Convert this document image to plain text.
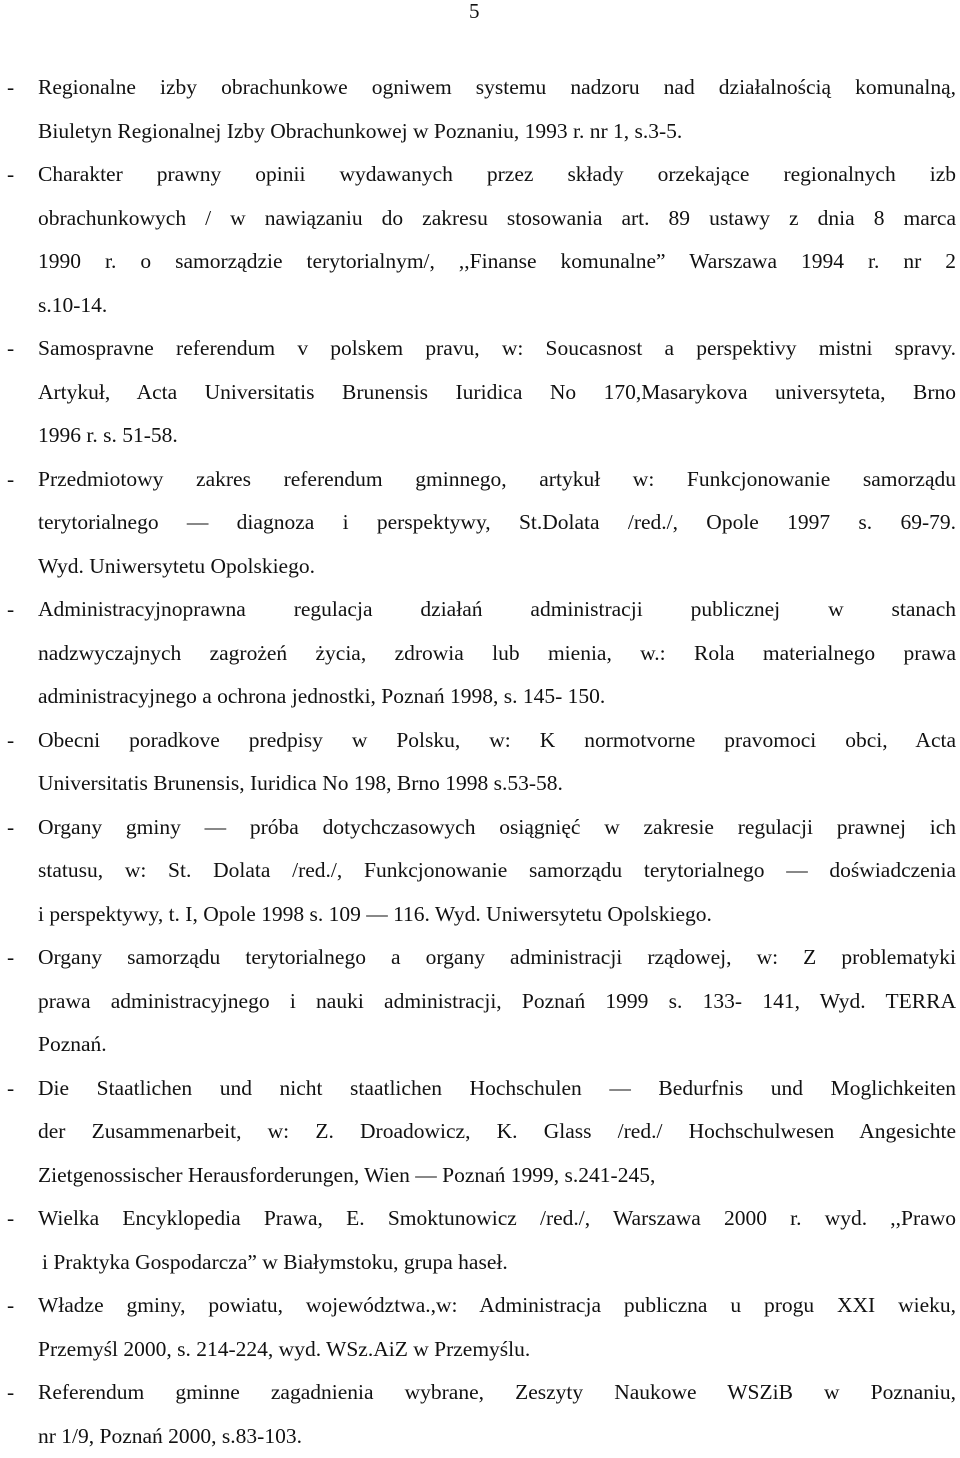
5
- Regionalne izby obrachunkowe ogniwem systemu nadzoru nad działalnością komunalną,
Biuletyn Regionalnej Izby Obrachunkowej w Poznaniu, 1993 r. nr 1, s.3-5.
- Charakter prawny opinii wydawanych przez składy orzekające regionalnych izb
obrachunkowych / w nawiązaniu do zakresu stosowania art. 89 ustawy z dnia 8 marca
1990 r. o samorządzie terytorialnym/, ,,Finanse komunalne” Warszawa 1994 r. nr 2
s.10-14.
- Samospravne referendum v polskem pravu, w: Soucasnost a perspektivy mistni spravy.
Artykuł, Acta Universitatis Brunensis Iuridica No 170,Masarykova universyteta, Brno
1996 r. s. 51-58.
- Przedmiotowy zakres referendum gminnego, artykuł w: Funkcjonowanie samorządu
terytorialnego — diagnoza i perspektywy, St.Dolata /red./, Opole 1997 s. 69-79.
Wyd. Uniwersytetu Opolskiego.
- Administracyjnoprawna regulacja działań administracji publicznej w stanach
nadzwyczajnych zagrożeń życia, zdrowia lub mienia, w.: Rola materialnego prawa
administracyjnego a ochrona jednostki, Poznań 1998, s. 145- 150.
- Obecni poradkove predpisy w Polsku, w: K normotvorne pravomoci obci, Acta
Universitatis Brunensis, Iuridica No 198, Brno 1998 s.53-58.
- Organy gminy — próba dotychczasowych osiągnięć w zakresie regulacji prawnej ich
statusu, w: St. Dolata /red./, Funkcjonowanie samorządu terytorialnego — doświadczenia
i perspektywy, t. I, Opole 1998 s. 109 — 116. Wyd. Uniwersytetu Opolskiego.
- Organy samorządu terytorialnego a organy administracji rządowej, w: Z problematyki
prawa administracyjnego i nauki administracji, Poznań 1999 s. 133- 141, Wyd. TERRA
Poznań.
- Die Staatlichen und nicht staatlichen Hochschulen — Bedurfnis und Moglichkeiten
der Zusammenarbeit, w: Z. Droadowicz, K. Glass /red./ Hochschulwesen Angesichte
Zietgenossischer Herausforderungen, Wien — Poznań 1999, s.241-245,
- Wielka Encyklopedia Prawa, E. Smoktunowicz /red./, Warszawa 2000 r. wyd. ,,Prawo
i Praktyka Gospodarcza” w Białymstoku, grupa haseł.
- Władze gminy, powiatu, województwa.,w: Administracja publiczna u progu XXI wieku,
Przemyśl 2000, s. 214-224, wyd. WSz.AiZ w Przemyślu.
- Referendum gminne zagadnienia wybrane, Zeszyty Naukowe WSZiB w Poznaniu,
nr 1/9, Poznań 2000, s.83-103.
